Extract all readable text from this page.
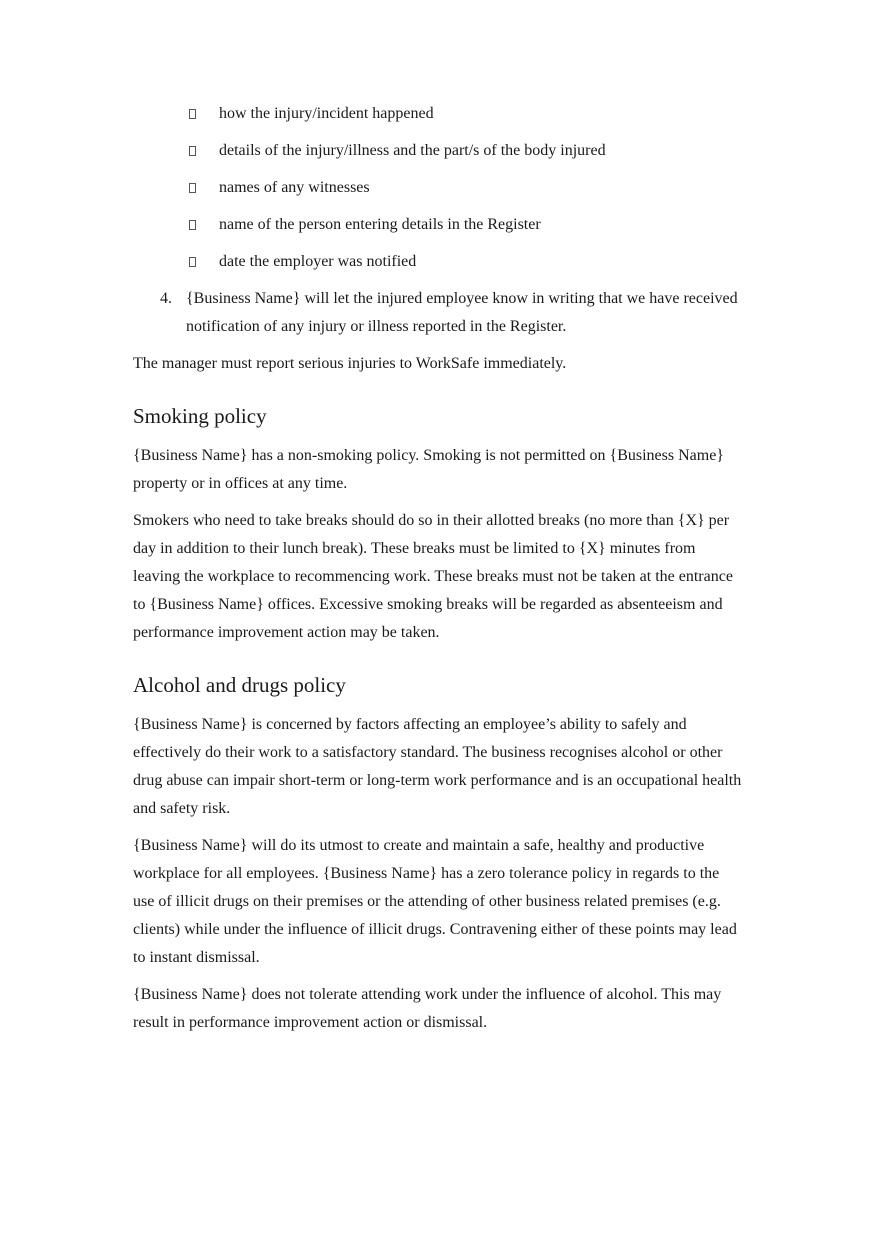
how the injury/incident happened
details of the injury/illness and the part/s of the body injured
names of any witnesses
name of the person entering details in the Register
date the employer was notified
4. {Business Name} will let the injured employee know in writing that we have received notification of any injury or illness reported in the Register.

The manager must report serious injuries to WorkSafe immediately.

Smoking policy

{Business Name} has a non-smoking policy. Smoking is not permitted on {Business Name} property or in offices at any time.

Smokers who need to take breaks should do so in their allotted breaks (no more than {X} per day in addition to their lunch break). These breaks must be limited to {X} minutes from leaving the workplace to recommencing work. These breaks must not be taken at the entrance to {Business Name} offices. Excessive smoking breaks will be regarded as absenteeism and performance improvement action may be taken.

Alcohol and drugs policy

{Business Name} is concerned by factors affecting an employee’s ability to safely and effectively do their work to a satisfactory standard. The business recognises alcohol or other drug abuse can impair short-term or long-term work performance and is an occupational health and safety risk.

{Business Name} will do its utmost to create and maintain a safe, healthy and productive workplace for all employees. {Business Name} has a zero tolerance policy in regards to the use of illicit drugs on their premises or the attending of other business related premises (e.g. clients) while under the influence of illicit drugs. Contravening either of these points may lead to instant dismissal.

{Business Name} does not tolerate attending work under the influence of alcohol. This may result in performance improvement action or dismissal.
